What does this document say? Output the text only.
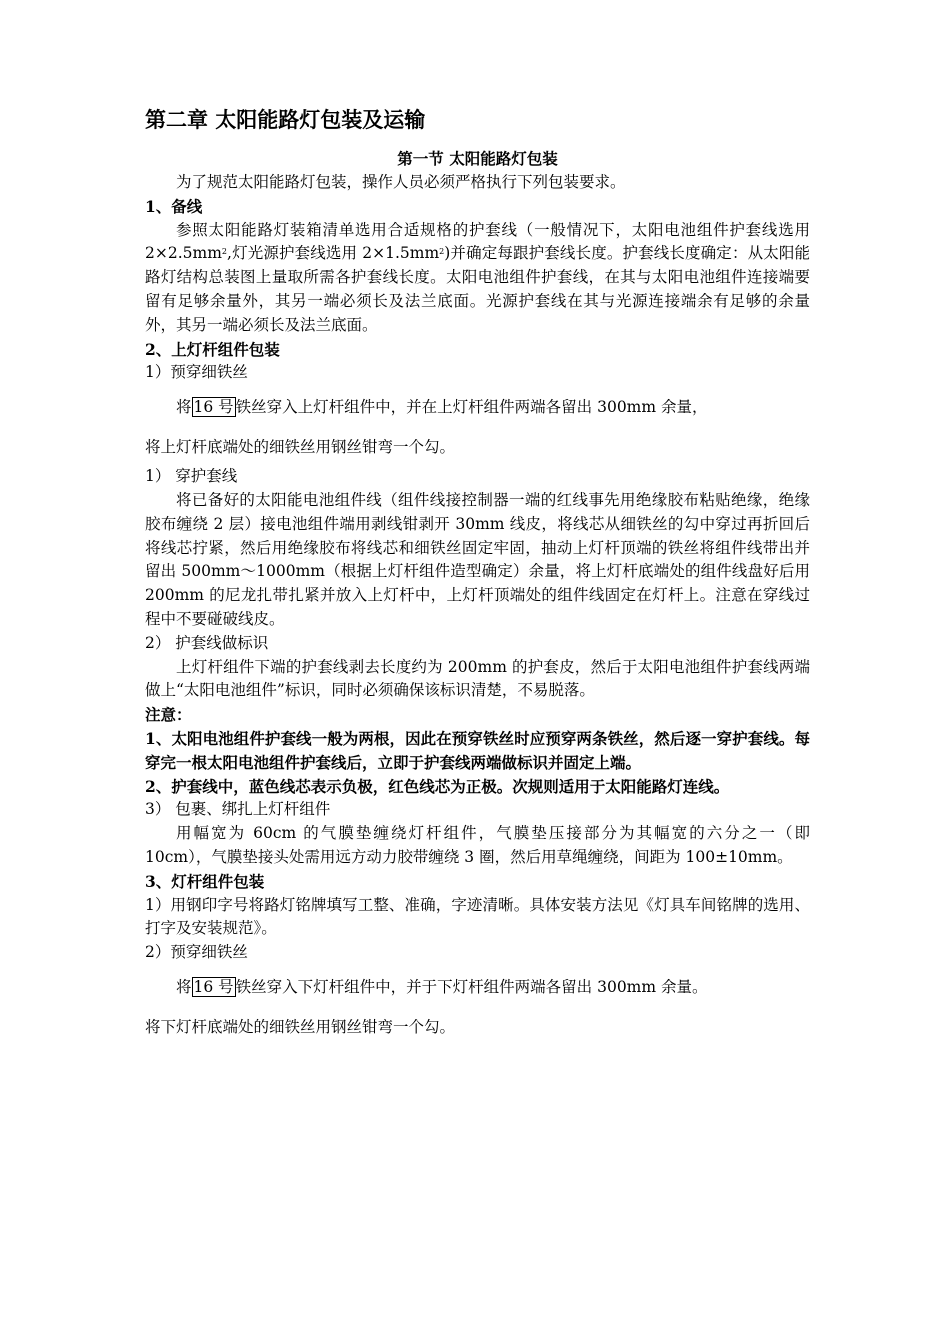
第二章 太阳能路灯包装及运输
第一节 太阳能路灯包装

为了规范太阳能路灯包装，操作人员必须严格执行下列包装要求。

1、备线

参照太阳能路灯装箱清单选用合适规格的护套线（一般情况下，太阳电池组件护套线选用 $2\times 2.5mm^2$,灯光源护套线选用 $2\times 1.5mm^2$)并确定每跟护套线长度。护套线长度确定：从太阳能路灯结构总装图上量取所需各护套线长度。太阳电池组件护套线，在其与太阳电池组件连接端要留有足够余量外，其另一端必须长及法兰底面。光源护套线在其与光源连接端余有足够的余量外，其另一端必须长及法兰底面。

2、上灯杆组件包装

1）预穿细铁丝

将 16 号 铁丝穿入上灯杆组件中，并在上灯杆组件两端各留出 300mm 余量，

将上灯杆底端处的细铁丝用钢丝钳弯一个勾。

1） 穿护套线

将已备好的太阳能电池组件线（组件线接控制器一端的红线事先用绝缘胶布粘贴绝缘，绝缘胶布缠绕 2 层）接电池组件端用剥线钳剥开 30mm 线皮，将线芯从细铁丝的勾中穿过再折回后将线芯拧紧，然后用绝缘胶布将线芯和细铁丝固定牢固，抽动上灯杆顶端的铁丝将组件线带出并留出 500mm～1000mm（根据上灯杆组件造型确定）余量，将上灯杆底端处的组件线盘好后用 200mm 的尼龙扎带扎紧并放入上灯杆中，上灯杆顶端处的组件线固定在灯杆上。注意在穿线过程中不要碰破线皮。

2） 护套线做标识

上灯杆组件下端的护套线剥去长度约为 200mm 的护套皮，然后于太阳电池组件护套线两端做上“太阳电池组件”标识，同时必须确保该标识清楚，不易脱落。

注意：

1、太阳电池组件护套线一般为两根，因此在预穿铁丝时应预穿两条铁丝，然后逐一穿护套线。每穿完一根太阳电池组件护套线后，立即于护套线两端做标识并固定上端。

2、护套线中，蓝色线芯表示负极，红色线芯为正极。次规则适用于太阳能路灯连线。

3） 包裹、绑扎上灯杆组件

用幅宽为 60cm 的气膜垫缠绕灯杆组件，气膜垫压接部分为其幅宽的六分之一（即 10cm），气膜垫接头处需用远方动力胶带缠绕 3 圈，然后用草绳缠绕，间距为 100±10mm。

3、灯杆组件包装

1）用钢印字号将路灯铭牌填写工整、准确，字迹清晰。具体安装方法见《灯具车间铭牌的选用、打字及安装规范》。

2）预穿细铁丝

将 16 号 铁丝穿入下灯杆组件中，并于下灯杆组件两端各留出 300mm 余量。

将下灯杆底端处的细铁丝用钢丝钳弯一个勾。
